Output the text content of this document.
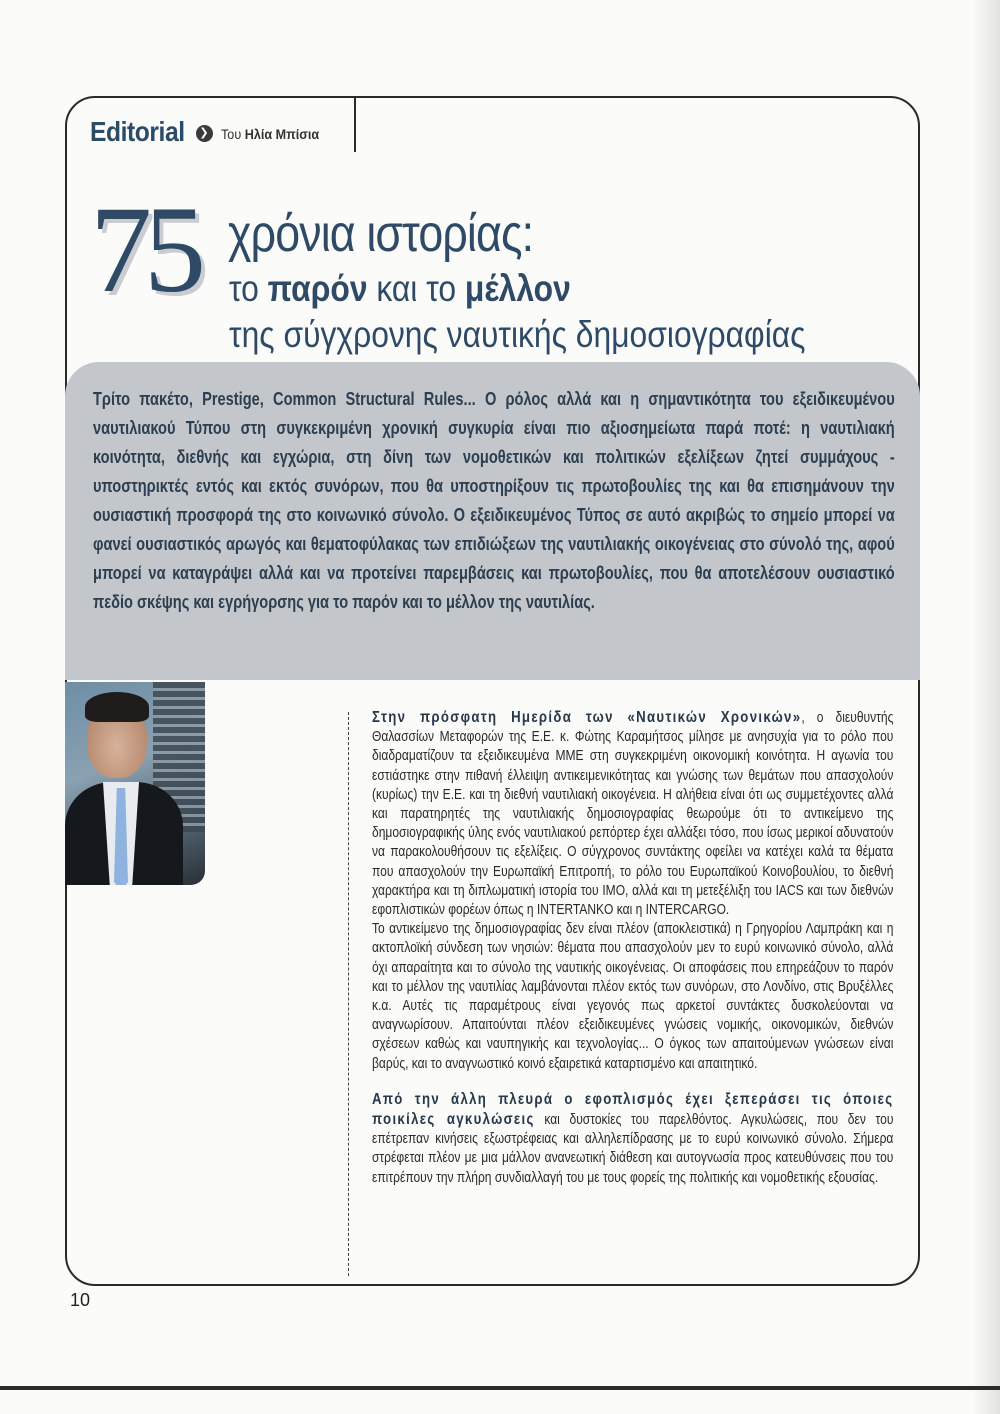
Editorial	❯ Του Ηλία Μπίσια
75 χρόνια ιστορίας:
το παρόν και το μέλλον
της σύγχρονης ναυτικής δημοσιογραφίας
Τρίτο πακέτο, Prestige, Common Structural Rules... Ο ρόλος αλλά και η σημαντικότητα του εξειδικευμένου ναυτιλιακού Τύπου στη συγκεκριμένη χρονική συγκυρία είναι πιο αξιοσημείωτα παρά ποτέ: η ναυτιλιακή κοινότητα, διεθνής και εγχώρια, στη δίνη των νομοθετικών και πολιτικών εξελίξεων ζητεί συμμάχους - υποστηρικτές εντός και εκτός συνόρων, που θα υποστηρίξουν τις πρωτοβουλίες της και θα επισημάνουν την ουσιαστική προσφορά της στο κοινωνικό σύνολο. Ο εξειδικευμένος Τύπος σε αυτό ακριβώς το σημείο μπορεί να φανεί ουσιαστικός αρωγός και θεματοφύλακας των επιδιώξεων της ναυτιλιακής οικογένειας στο σύνολό της, αφού μπορεί να καταγράψει αλλά και να προτείνει παρεμβάσεις και πρωτοβουλίες, που θα αποτελέσουν ουσιαστικό πεδίο σκέψης και εγρήγορσης για το παρόν και το μέλλον της ναυτιλίας.

Στην πρόσφατη Ημερίδα των «Ναυτικών Χρονικών», ο διευθυντής Θαλασσίων Μεταφορών της Ε.Ε. κ. Φώτης Καραμήτσος μίλησε με ανησυχία για το ρόλο που διαδραματίζουν τα εξειδικευμένα ΜΜΕ στη συγκεκριμένη οικονομική κοινότητα. Η αγωνία του εστιάστηκε στην πιθανή έλλειψη αντικειμενικότητας και γνώσης των θεμάτων που απασχολούν (κυρίως) την Ε.Ε. και τη διεθνή ναυτιλιακή οικογένεια. Η αλήθεια είναι ότι ως συμμετέχοντες αλλά και παρατηρητές της ναυτιλιακής δημοσιογραφίας θεωρούμε ότι το αντικείμενο της δημοσιογραφικής ύλης ενός ναυτιλιακού ρεπόρτερ έχει αλλάξει τόσο, που ίσως μερικοί αδυνατούν να παρακολουθήσουν τις εξελίξεις. Ο σύγχρονος συντάκτης οφείλει να κατέχει καλά τα θέματα που απασχολούν την Ευρωπαϊκή Επιτροπή, το ρόλο του Ευρωπαϊκού Κοινοβουλίου, το διεθνή χαρακτήρα και τη διπλωματική ιστορία του IMO, αλλά και τη μετεξέλιξη του IACS και των διεθνών εφοπλιστικών φορέων όπως η INTERTANKO και η INTERCARGO.

Το αντικείμενο της δημοσιογραφίας δεν είναι πλέον (αποκλειστικά) η Γρηγορίου Λαμπράκη και η ακτοπλοϊκή σύνδεση των νησιών: θέματα που απασχολούν μεν το ευρύ κοινωνικό σύνολο, αλλά όχι απαραίτητα και το σύνολο της ναυτικής οικογένειας. Οι αποφάσεις που επηρεάζουν το παρόν και το μέλλον της ναυτιλίας λαμβάνονται πλέον εκτός των συνόρων, στο Λονδίνο, στις Βρυξέλλες κ.α. Αυτές τις παραμέτρους είναι γεγονός πως αρκετοί συντάκτες δυσκολεύονται να αναγνωρίσουν. Απαιτούνται πλέον εξειδικευμένες γνώσεις νομικής, οικονομικών, διεθνών σχέσεων καθώς και ναυπηγικής και τεχνολογίας... Ο όγκος των απαιτούμενων γνώσεων είναι βαρύς, και το αναγνωστικό κοινό εξαιρετικά καταρτισμένο και απαιτητικό.

Από την άλλη πλευρά ο εφοπλισμός έχει ξεπεράσει τις όποιες ποικίλες αγκυλώσεις και δυστοκίες του παρελθόντος. Αγκυλώσεις, που δεν του επέτρεπαν κινήσεις εξωστρέφειας και αλληλεπίδρασης με το ευρύ κοινωνικό σύνολο. Σήμερα στρέφεται πλέον με μια μάλλον ανανεωτική διάθεση και αυτογνωσία προς κατευθύνσεις που του επιτρέπουν την πλήρη συνδιαλλαγή του με τους φορείς της πολιτικής και νομοθετικής εξουσίας.

10
